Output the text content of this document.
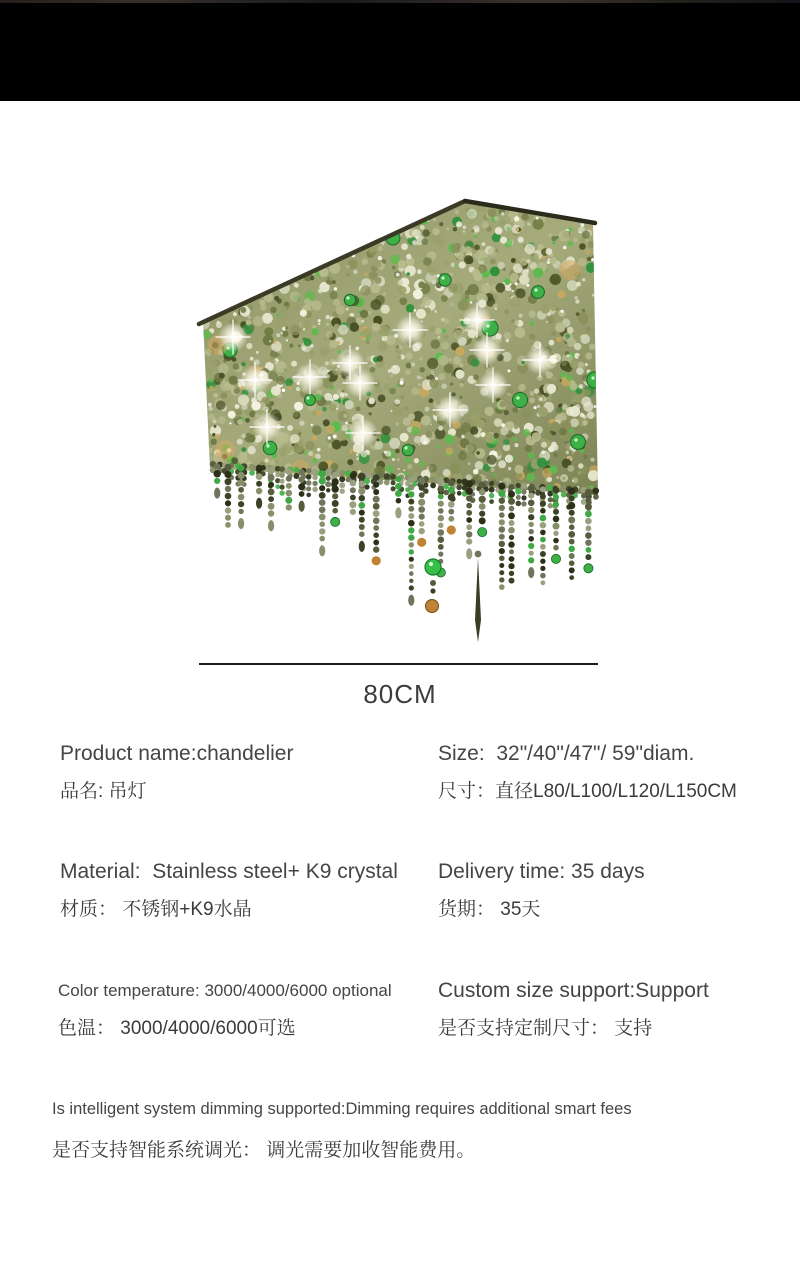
80CM
Product name:chandelier
品名: 吊灯
Size:  32"/40"/47"/ 59"diam.
尺寸：直径L80/L100/L120/L150CM
Material:  Stainless steel+ K9 crystal
材质： 不锈钢+K9水晶
Delivery time: 35 days
货期： 35天
Color temperature: 3000/4000/6000 optional
色温： 3000/4000/6000可选
Custom size support:Support
是否支持定制尺寸： 支持
Is intelligent system dimming supported:Dimming requires additional smart fees
是否支持智能系统调光： 调光需要加收智能费用。
